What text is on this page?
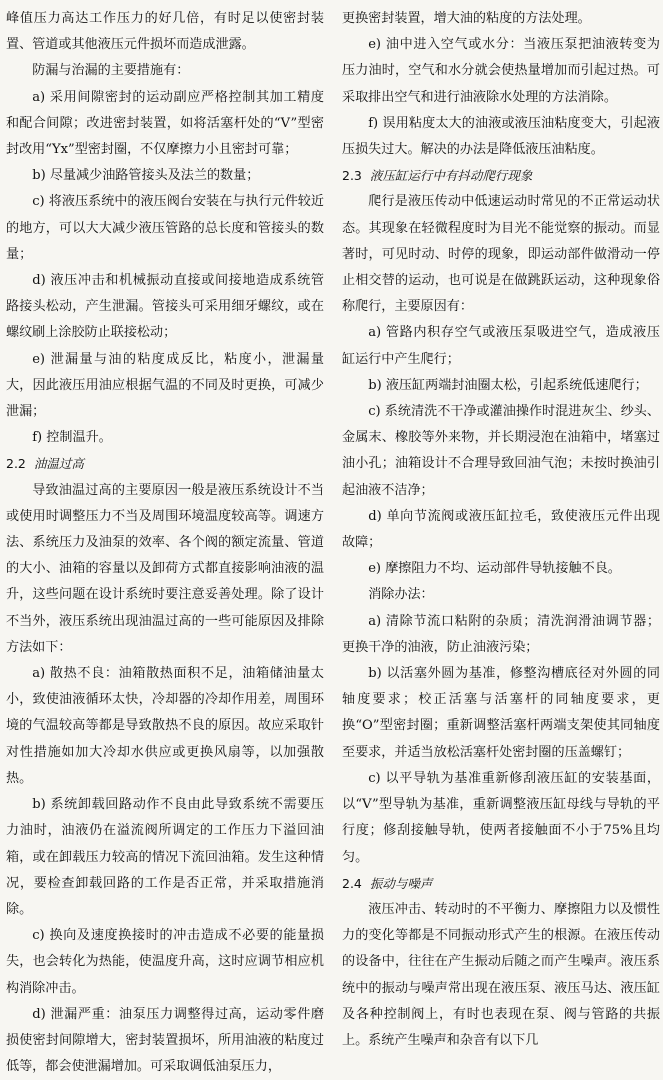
峰值压力高达工作压力的好几倍，有时足以使密封装置、管道或其他液压元件损坏而造成泄露。

防漏与治漏的主要措施有：

a) 采用间隙密封的运动副应严格控制其加工精度和配合间隙；改进密封装置，如将活塞杆处的“V”型密封改用“Yx”型密封圈，不仅摩擦力小且密封可靠；

b) 尽量减少油路管接头及法兰的数量；

c) 将液压系统中的液压阀台安装在与执行元件较近的地方，可以大大减少液压管路的总长度和管接头的数量；

d) 液压冲击和机械振动直接或间接地造成系统管路接头松动，产生泄漏。管接头可采用细牙螺纹，或在螺纹刷上涂胶防止联接松动；

e) 泄漏量与油的粘度成反比，粘度小，泄漏量大，因此液压用油应根据气温的不同及时更换，可减少泄漏；

f) 控制温升。

2.2 油温过高

导致油温过高的主要原因一般是液压系统设计不当或使用时调整压力不当及周围环境温度较高等。调速方法、系统压力及油泵的效率、各个阀的额定流量、管道的大小、油箱的容量以及卸荷方式都直接影响油液的温升，这些问题在设计系统时要注意妥善处理。除了设计不当外，液压系统出现油温过高的一些可能原因及排除方法如下：

a) 散热不良：油箱散热面积不足，油箱储油量太小，致使油液循环太快，冷却器的冷却作用差，周围环境的气温较高等都是导致散热不良的原因。故应采取针对性措施如加大冷却水供应或更换风扇等，以加强散热。

b) 系统卸载回路动作不良由此导致系统不需要压力油时，油液仍在溢流阀所调定的工作压力下溢回油箱，或在卸载压力较高的情况下流回油箱。发生这种情况，要检查卸载回路的工作是否正常，并采取措施消除。

c) 换向及速度换接时的冲击造成不必要的能量损失，也会转化为热能，使温度升高，这时应调节相应机构消除冲击。

d) 泄漏严重：油泵压力调整得过高，运动零件磨损使密封间隙增大，密封装置损坏，所用油液的粘度过低等，都会使泄漏增加。可采取调低油泵压力，

更换密封装置，增大油的粘度的方法处理。

e) 油中进入空气或水分：当液压泵把油液转变为压力油时，空气和水分就会使热量增加而引起过热。可采取排出空气和进行油液除水处理的方法消除。

f) 误用粘度太大的油液或液压油粘度变大，引起液压损失过大。解决的办法是降低液压油粘度。

2.3 液压缸运行中有抖动爬行现象

爬行是液压传动中低速运动时常见的不正常运动状态。其现象在轻微程度时为目光不能觉察的振动。而显著时，可见时动、时停的现象，即运动部件做滑动一停止相交替的运动，也可说是在做跳跃运动，这种现象俗称爬行，主要原因有：

a) 管路内积存空气或液压泵吸进空气，造成液压缸运行中产生爬行；

b) 液压缸两端封油圈太松，引起系统低速爬行；

c) 系统清洗不干净或灌油操作时混进灰尘、纱头、金属末、橡胶等外来物，并长期浸泡在油箱中，堵塞过油小孔；油箱设计不合理导致回油气泡；未按时换油引起油液不洁净；

d) 单向节流阀或液压缸拉毛，致使液压元件出现故障；

e) 摩擦阻力不均、运动部件导轨接触不良。

消除办法：

a) 清除节流口粘附的杂质；清洗润滑油调节器；更换干净的油液，防止油液污染；

b) 以活塞外圆为基准，修整沟槽底径对外圆的同轴度要求；校正活塞与活塞杆的同轴度要求，更换“O”型密封圈；重新调整活塞杆两端支架使其同轴度至要求，并适当放松活塞杆处密封圈的压盖螺钉；

c) 以平导轨为基准重新修刮液压缸的安装基面，以“V”型导轨为基准，重新调整液压缸母线与导轨的平行度；修刮接触导轨，使两者接触面不小于75%且均匀。

2.4 振动与噪声

液压冲击、转动时的不平衡力、摩擦阻力以及惯性力的变化等都是不同振动形式产生的根源。在液压传动的设备中，往往在产生振动后随之而产生噪声。液压系统中的振动与噪声常出现在液压泵、液压马达、液压缸及各种控制阀上，有时也表现在泵、阀与管路的共振上。系统产生噪声和杂音有以下几
